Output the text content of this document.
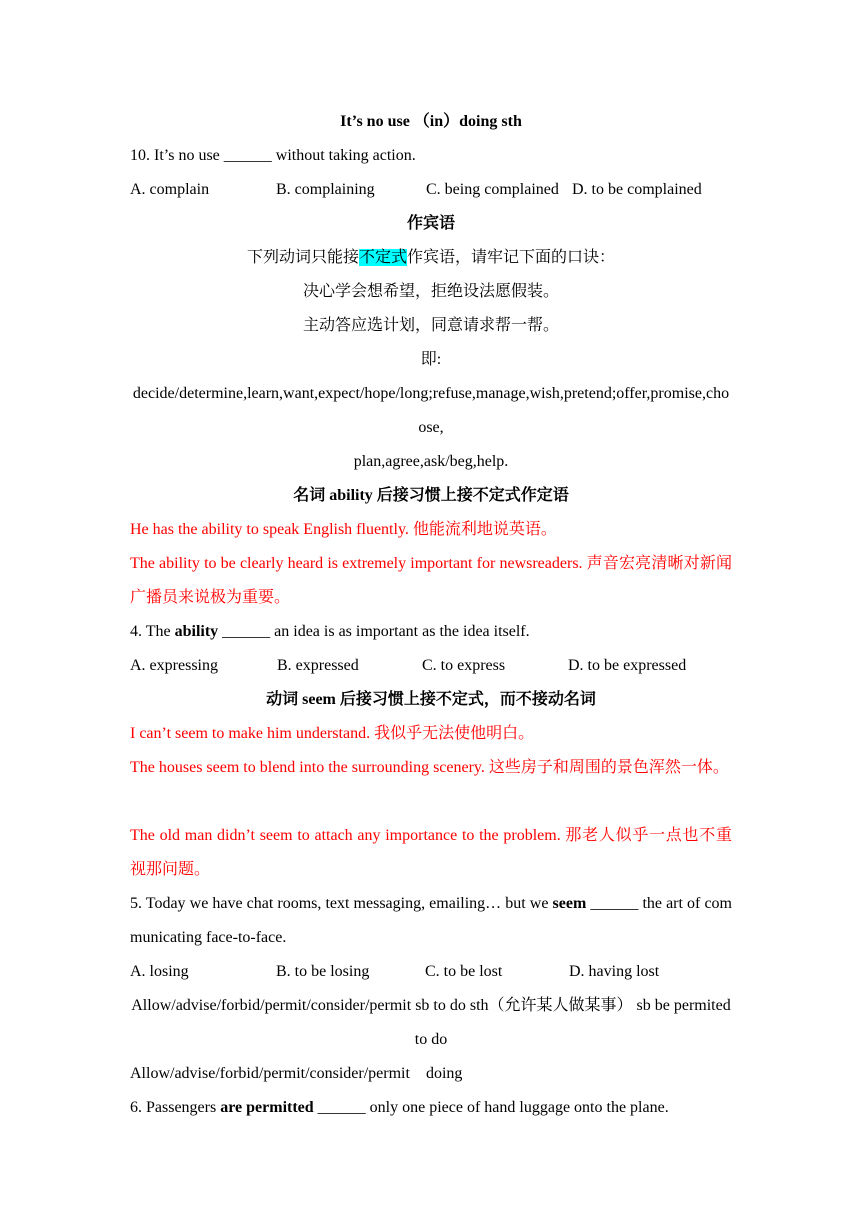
It’s no use （in）doing sth
10. It’s no use ______ without taking action.
A. complain	B. complaining	C. being complained D. to be complained
作宾语
下列动词只能接不定式作宾语，请牢记下面的口诀：
决心学会想希望，拒绝设法愿假装。
主动答应选计划，同意请求帮一帮。
即:
decide/determine,learn,want,expect/hope/long;refuse,manage,wish,pretend;offer,promise,choose,
plan,agree,ask/beg,help.
名词 ability 后接习惯上接不定式作定语
He has the ability to speak English fluently. 他能流利地说英语。
The ability to be clearly heard is extremely important for newsreaders. 声音宏亮清晰对新闻广播员来说极为重要。
4. The ability ______ an idea is as important as the idea itself.
A. expressing	B. expressed	C. to express	D. to be expressed
动词 seem 后接习惯上接不定式，而不接动名词
I can’t seem to make him understand. 我似乎无法使他明白。
The houses seem to blend into the surrounding scenery. 这些房子和周围的景色浑然一体。
The old man didn’t seem to attach any importance to the problem. 那老人似乎一点也不重视那问题。
5. Today we have chat rooms, text messaging, emailing… but we seem ______ the art of communicating face-to-face.
A. losing	B. to be losing	C. to be lost	D. having lost
Allow/advise/forbid/permit/consider/permit sb to do sth（允许某人做某事） sb be permited to do
Allow/advise/forbid/permit/consider/permit    doing
6. Passengers are permitted ______ only one piece of hand luggage onto the plane.
